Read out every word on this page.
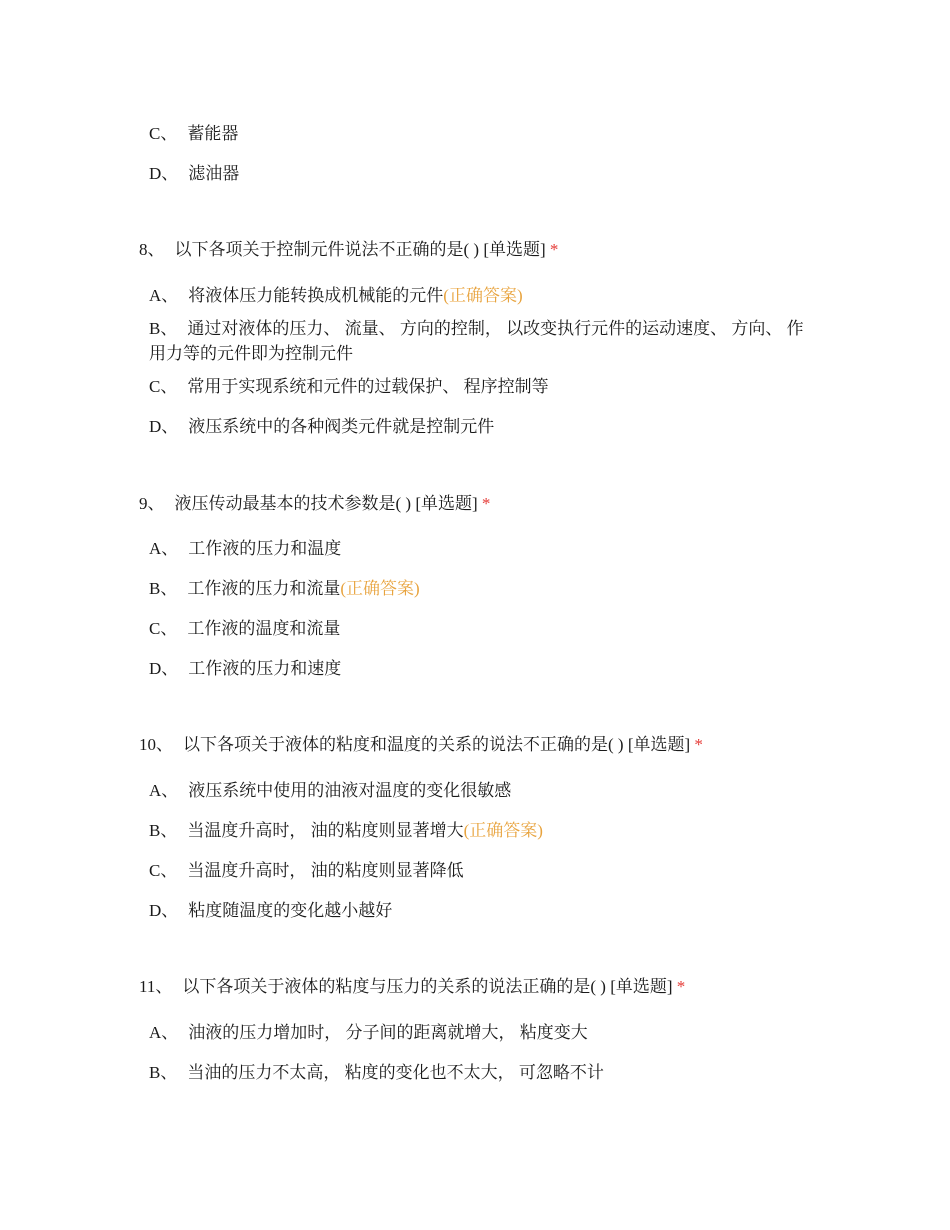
C、 蓄能器
D、 滤油器
8、 以下各项关于控制元件说法不正确的是( ) [单选题] *
A、 将液体压力能转换成机械能的元件(正确答案)
B、 通过对液体的压力、 流量、 方向的控制， 以改变执行元件的运动速度、 方向、 作用力等的元件即为控制元件
C、 常用于实现系统和元件的过载保护、 程序控制等
D、 液压系统中的各种阀类元件就是控制元件
9、 液压传动最基本的技术参数是( ) [单选题] *
A、 工作液的压力和温度
B、 工作液的压力和流量(正确答案)
C、 工作液的温度和流量
D、 工作液的压力和速度
10、 以下各项关于液体的粘度和温度的关系的说法不正确的是( ) [单选题] *
A、 液压系统中使用的油液对温度的变化很敏感
B、 当温度升高时， 油的粘度则显著增大(正确答案)
C、 当温度升高时， 油的粘度则显著降低
D、 粘度随温度的变化越小越好
11、 以下各项关于液体的粘度与压力的关系的说法正确的是( ) [单选题] *
A、 油液的压力增加时， 分子间的距离就增大， 粘度变大
B、 当油的压力不太高， 粘度的变化也不太大， 可忽略不计
